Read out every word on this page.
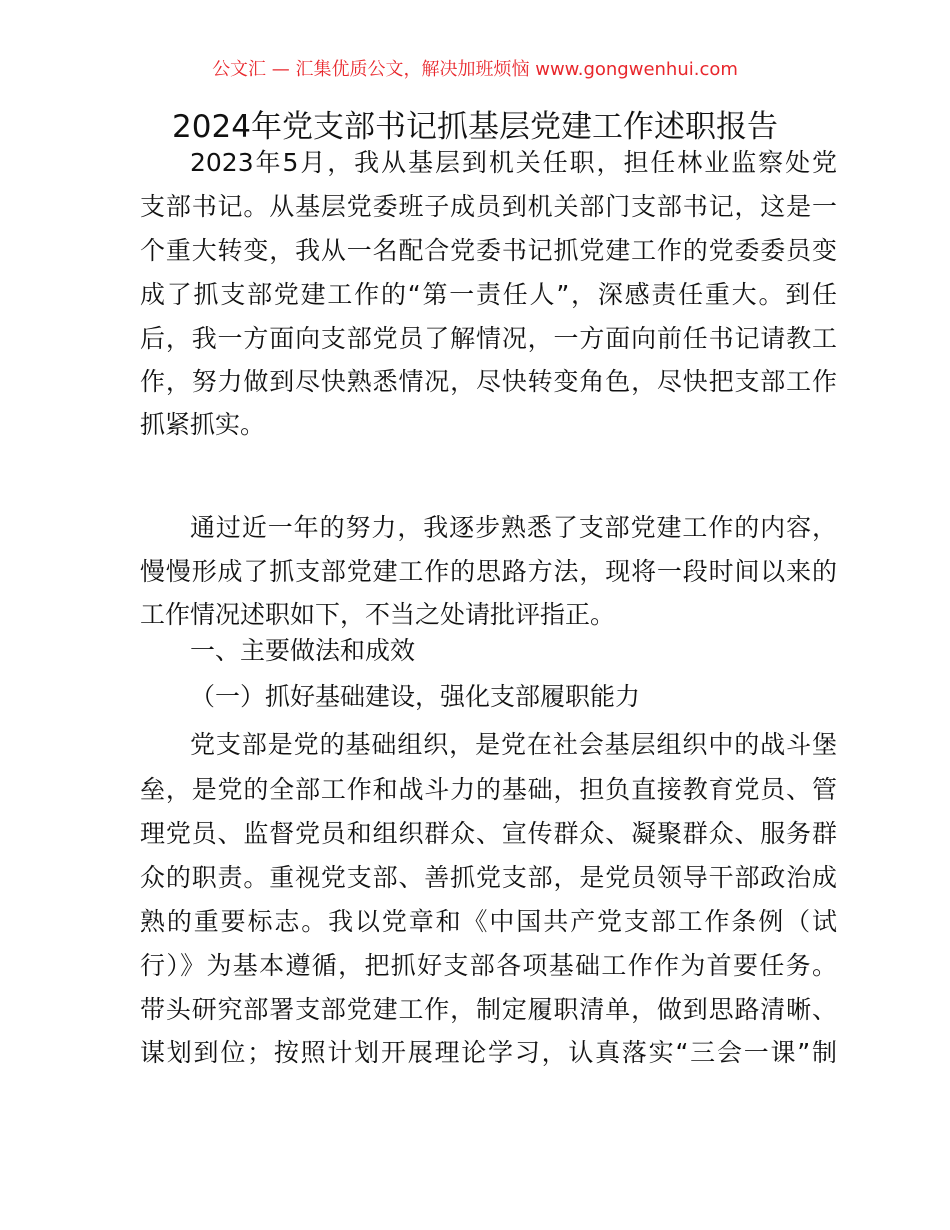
公文汇 — 汇集优质公文，解决加班烦恼 www.gongwenhui.com
2024年党支部书记抓基层党建工作述职报告
2023年5月，我从基层到机关任职，担任林业监察处党
支部书记。从基层党委班子成员到机关部门支部书记，这是一
个重大转变，我从一名配合党委书记抓党建工作的党委委员变
成了抓支部党建工作的“第一责任人”，深感责任重大。到任
后，我一方面向支部党员了解情况，一方面向前任书记请教工
作，努力做到尽快熟悉情况，尽快转变角色，尽快把支部工作
抓紧抓实。
通过近一年的努力，我逐步熟悉了支部党建工作的内容，
慢慢形成了抓支部党建工作的思路方法，现将一段时间以来的
工作情况述职如下，不当之处请批评指正。
一、主要做法和成效
（一）抓好基础建设，强化支部履职能力
党支部是党的基础组织，是党在社会基层组织中的战斗堡
垒，是党的全部工作和战斗力的基础，担负直接教育党员、管
理党员、监督党员和组织群众、宣传群众、凝聚群众、服务群
众的职责。重视党支部、善抓党支部，是党员领导干部政治成
熟的重要标志。我以党章和《中国共产党支部工作条例（试
行）》为基本遵循，把抓好支部各项基础工作作为首要任务。
带头研究部署支部党建工作，制定履职清单，做到思路清晰、
谋划到位；按照计划开展理论学习，认真落实“三会一课”制
